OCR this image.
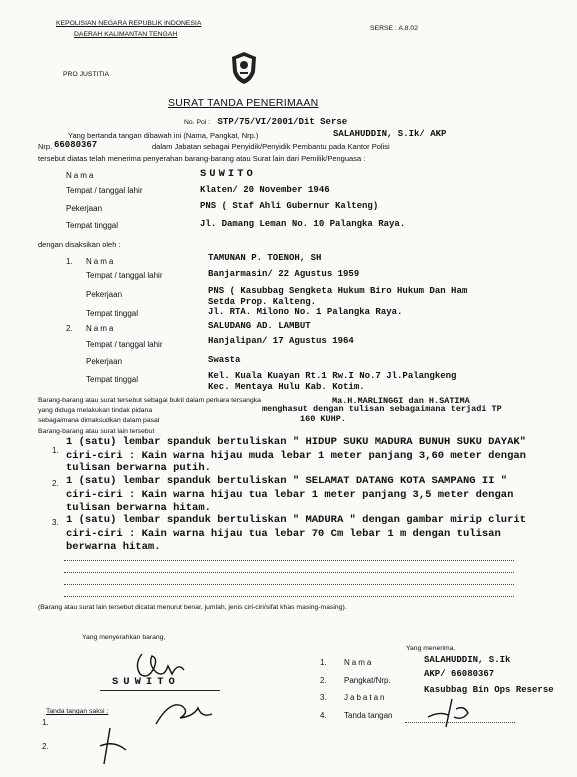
KEPOLISIAN NEGARA REPUBLIK INDONESIA
DAERAH KALIMANTAN TENGAH
SERSE : A.8.02
PRO JUSTITIA
SURAT TANDA PENERIMAAN
No. Pol : STP/75/VI/2001/Dit Serse
Yang bertanda tangan dibawah ini (Nama, Pangkat, Nrp.)	SALAHUDDIN, S.Ik/ AKP
Nrp. 66080367	dalam Jabatan sebagai Penyidik/Penyidik Pembantu pada Kantor Polisi
tersebut diatas telah menerima penyerahan barang-barang atau Surat lain dari Pemilik/Penguasa :
Nama	SUWITO
Tempat / tanggal lahir	Klaten/ 20 November 1946
Pekerjaan	PNS ( Staf Ahli Gubernur Kalteng)
Tempat tinggal	Jl. Damang Leman No. 10 Palangka Raya.
dengan disaksikan oleh :
1. Nama	TAMUNAN P. TOENOH, SH
Tempat / tanggal lahir	Banjarmasin/ 22 Agustus 1959
Pekerjaan	PNS ( Kasubbag Sengketa Hukum Biro Hukum Dan Ham
Setda Prop. Kalteng.
Tempat tinggal	Jl. RTA. Milono No. 1 Palangka Raya.
2. Nama	SALUDANG AD. LAMBUT
Tempat / tanggal lahir	Hanjalipan/ 17 Agustus 1964
Pekerjaan	Swasta
Tempat tinggal	Kel. Kuala Kuayan Rt.1 Rw.I No.7 Jl.Palangkeng
Kec. Mentaya Hulu Kab. Kotim.
Barang-barang atau surat tersebut sebagai bukti dalam perkara tersangka	Ma.H.MARLINGGI dan H.SATIMA
yang diduga melakukan tindak pidana	menghasut dengan tulisan sebagaimana terjadi TP
sebagaimana dimaksudkan dalam pasal	160 KUHP.
Barang-barang atau surat lain tersebut
1.
1 (satu) lembar spanduk bertuliskan " HIDUP SUKU MADURA BUNUH SUKU DAYAK"
ciri-ciri : Kain warna hijau muda lebar 1 meter panjang 3,60 meter dengan
tulisan berwarna putih.
2. 1 (satu) lembar spanduk bertuliskan " SELAMAT DATANG KOTA SAMPANG II "
ciri-ciri : Kain warna hijau tua lebar 1 meter panjang 3,5 meter dengan
tulisan berwarna hitam.
3. 1 (satu) lembar spanduk bertuliskan " MADURA " dengan gambar mirip clurit
ciri-ciri : Kain warna hijau tua lebar 70 Cm lebar 1 m dengan tulisan
berwarna hitam.
(Barang atau surat lain tersebut dicatat menurut benar, jumlah, jenis ciri-ciri/sifat khas masing-masing).
Yang menyerahkan barang,
SUWITO
Tanda tangan saksi :
1.
2.
Yang menerima,
1. Nama	SALAHUDDIN, S.Ik
2. Pangkat/Nrp.
AKP/ 66080367
3. Jabatan
Kasubbag Bin Ops Reserse
4. Tanda tangan
